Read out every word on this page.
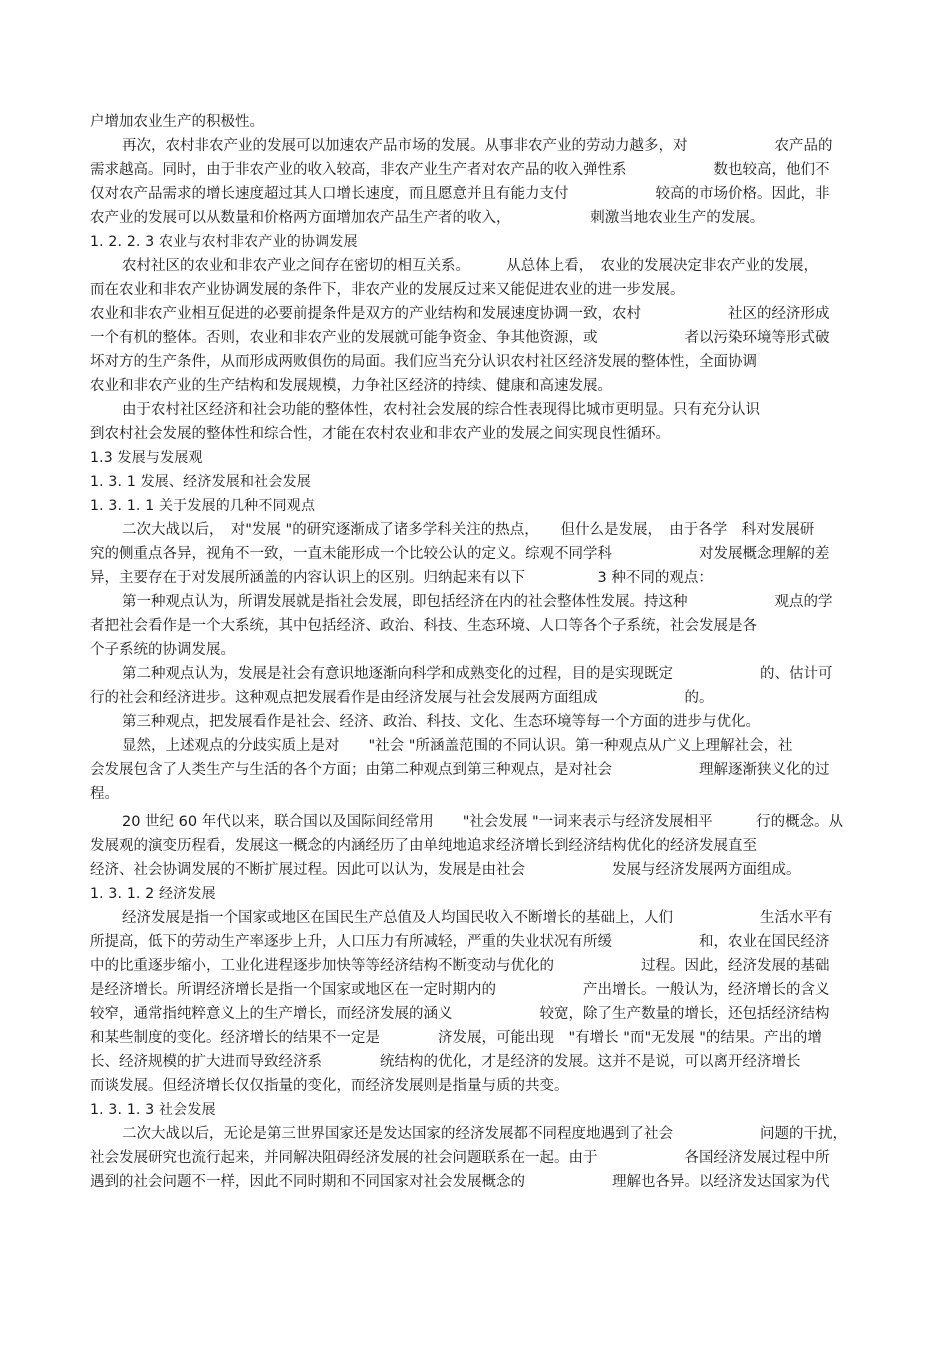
户增加农业生产的积极性。
再次，农村非农产业的发展可以加速农产品市场的发展。从事非农产业的劳动力越多，对　　　　　　农产品的
需求越高。同时，由于非农产业的收入较高，非农产业生产者对农产品的收入弹性系　　　　　　数也较高，他们不
仅对农产品需求的增长速度超过其人口增长速度，而且愿意并且有能力支付　　　　　　较高的市场价格。因此，非
农产业的发展可以从数量和价格两方面增加农产品生产者的收入，　　　　　　刺激当地农业生产的发展。
1. 2. 2. 3 农业与农村非农产业的协调发展
农村社区的农业和非农产业之间存在密切的相互关系。　　　从总体上看，　农业的发展决定非农产业的发展，
而在农业和非农产业协调发展的条件下，非农产业的发展反过来又能促进农业的进一步发展。
农业和非农产业相互促进的必要前提条件是双方的产业结构和发展速度协调一致，农村　　　　　　社区的经济形成
一个有机的整体。否则，农业和非农产业的发展就可能争资金、争其他资源，或　　　　　　者以污染环境等形式破
坏对方的生产条件，从而形成两败俱伤的局面。我们应当充分认识农村社区经济发展的整体性，全面协调
农业和非农产业的生产结构和发展规模，力争社区经济的持续、健康和高速发展。
由于农村社区经济和社会功能的整体性，农村社会发展的综合性表现得比城市更明显。只有充分认识
到农村社会发展的整体性和综合性，才能在农村农业和非农产业的发展之间实现良性循环。
1.3 发展与发展观
1. 3. 1 发展、经济发展和社会发展
1. 3. 1. 1 关于发展的几种不同观点
二次大战以后，　对"发展 "的研究逐渐成了诸多学科关注的热点，　　但什么是发展，　由于各学　科对发展研
究的侧重点各异，视角不一致，一直未能形成一个比较公认的定义。综观不同学科　　　　　　对发展概念理解的差
异，主要存在于对发展所涵盖的内容认识上的区别。归纳起来有以下　　　　　3 种不同的观点：
第一种观点认为，所谓发展就是指社会发展，即包括经济在内的社会整体性发展。持这种　　　　　　观点的学
者把社会看作是一个大系统，其中包括经济、政治、科技、生态环境、人口等各个子系统，社会发展是各
个子系统的协调发展。
第二种观点认为，发展是社会有意识地逐渐向科学和成熟变化的过程，目的是实现既定　　　　　　的、估计可
行的社会和经济进步。这种观点把发展看作是由经济发展与社会发展两方面组成　　　　　　的。
第三种观点，把发展看作是社会、经济、政治、科技、文化、生态环境等每一个方面的进步与优化。
显然，上述观点的分歧实质上是对　　"社会 "所涵盖范围的不同认识。第一种观点从广义上理解社会，社
会发展包含了人类生产与生活的各个方面；由第二种观点到第三种观点，是对社会　　　　　　理解逐渐狭义化的过
程。
20 世纪 60 年代以来，联合国以及国际间经常用　　"社会发展 "一词来表示与经济发展相平　　　行的概念。从
发展观的演变历程看，发展这一概念的内涵经历了由单纯地追求经济增长到经济结构优化的经济发展直至
经济、社会协调发展的不断扩展过程。因此可以认为，发展是由社会　　　　　　发展与经济发展两方面组成。
1. 3. 1. 2 经济发展
经济发展是指一个国家或地区在国民生产总值及人均国民收入不断增长的基础上，人们　　　　　　生活水平有
所提高，低下的劳动生产率逐步上升，人口压力有所减轻，严重的失业状况有所缓　　　　　　和，农业在国民经济
中的比重逐步缩小，工业化进程逐步加快等等经济结构不断变动与优化的　　　　　　过程。因此，经济发展的基础
是经济增长。所谓经济增长是指一个国家或地区在一定时期内的　　　　　　产出增长。一般认为，经济增长的含义
较窄，通常指纯粹意义上的生产增长，而经济发展的涵义　　　　　　较宽，除了生产数量的增长，还包括经济结构
和某些制度的变化。经济增长的结果不一定是　　　　济发展，可能出现　"有增长 "而"无发展 "的结果。产出的增
长、经济规模的扩大进而导致经济系　　　　统结构的优化，才是经济的发展。这并不是说，可以离开经济增长
而谈发展。但经济增长仅仅指量的变化，而经济发展则是指量与质的共变。
1. 3. 1. 3 社会发展
二次大战以后，无论是第三世界国家还是发达国家的经济发展都不同程度地遇到了社会　　　　　　问题的干扰，
社会发展研究也流行起来，并同解决阻碍经济发展的社会问题联系在一起。由于　　　　　　各国经济发展过程中所
遇到的社会问题不一样，因此不同时期和不同国家对社会发展概念的　　　　　　理解也各异。以经济发达国家为代
